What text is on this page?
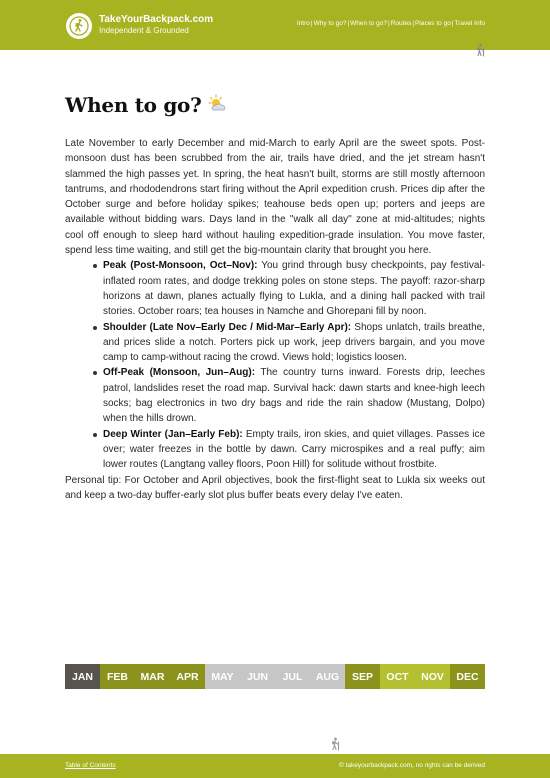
TakeYourBackpack.com
Independent & Grounded
Intro | Why to go? | When to go? | Routes | Places to go | Travel Info
When to go?

Late November to early December and mid-March to early April are the sweet spots. Post-monsoon dust has been scrubbed from the air, trails have dried, and the jet stream hasn't slammed the high passes yet. In spring, the heat hasn't built, storms are still mostly afternoon tantrums, and rhododendrons start firing without the April expedition crush. Prices dip after the October surge and before holiday spikes; teahouse beds open up; porters and jeeps are available without bidding wars. Days land in the "walk all day" zone at mid-altitudes; nights cool off enough to sleep hard without hauling expedition-grade insulation. You move faster, spend less time waiting, and still get the big-mountain clarity that brought you here.

Peak (Post-Monsoon, Oct–Nov): You grind through busy checkpoints, pay festival-inflated room rates, and dodge trekking poles on stone steps. The payoff: razor-sharp horizons at dawn, planes actually flying to Lukla, and a dining hall packed with trail stories. October roars; tea houses in Namche and Ghorepani fill by noon.
Shoulder (Late Nov–Early Dec / Mid-Mar–Early Apr): Shops unlatch, trails breathe, and prices slide a notch. Porters pick up work, jeep drivers bargain, and you move camp to camp-without racing the crowd. Views hold; logistics loosen.
Off-Peak (Monsoon, Jun–Aug): The country turns inward. Forests drip, leeches patrol, landslides reset the road map. Survival hack: dawn starts and knee-high leech socks; bag electronics in two dry bags and ride the rain shadow (Mustang, Dolpo) when the hills drown.
Deep Winter (Jan–Early Feb): Empty trails, iron skies, and quiet villages. Passes ice over; water freezes in the bottle by dawn. Carry microspikes and a real puffy; aim lower routes (Langtang valley floors, Poon Hill) for solitude without frostbite.

Personal tip: For October and April objectives, book the first-flight seat to Lukla six weeks out and keep a two-day buffer-early slot plus buffer beats every delay I've eaten.

JAN	FEB	MAR	APR	MAY	JUN	JUL	AUG	SEP	OCT	NOV	DEC
Table of Contents	© takeyourbackpack.com, no rights can be derived
